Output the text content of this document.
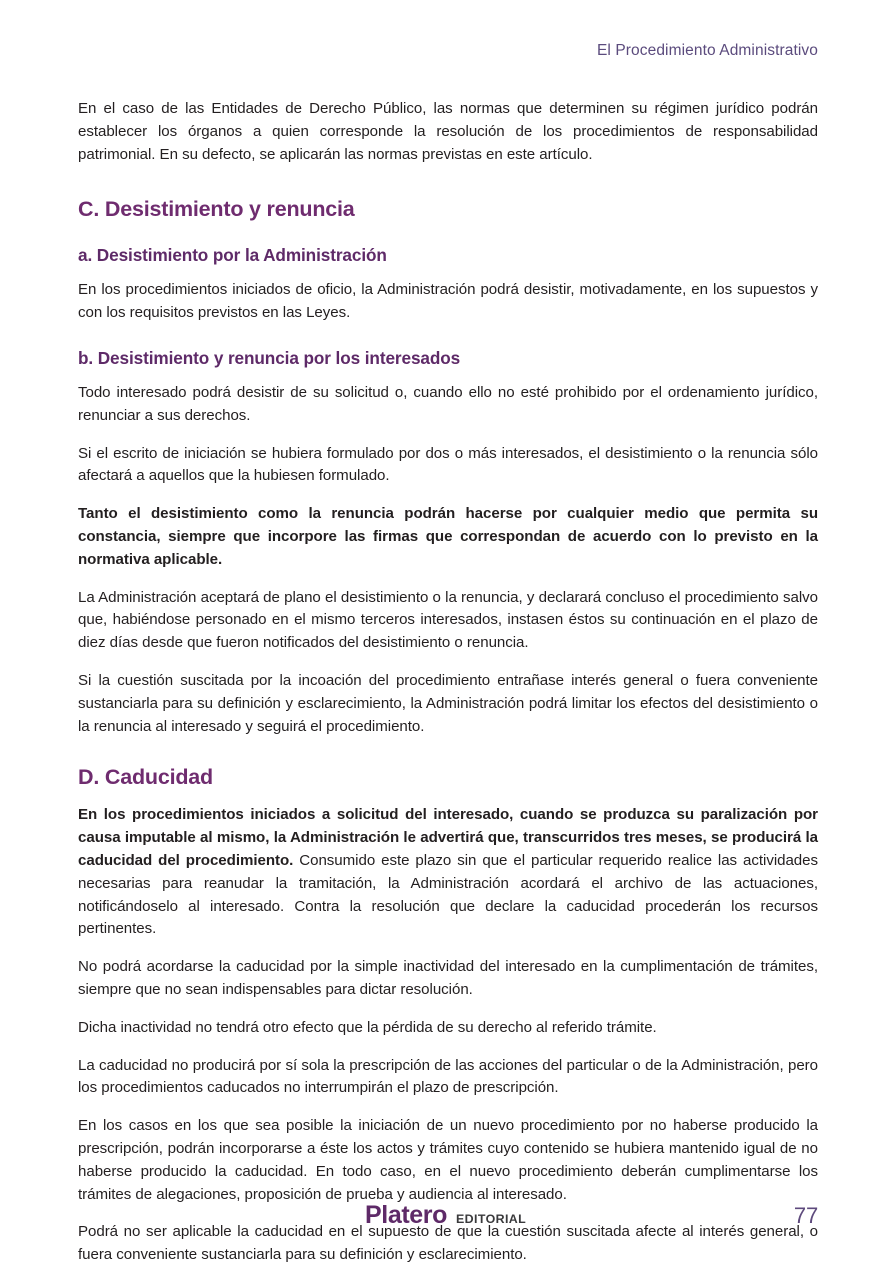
El Procedimiento Administrativo

En el caso de las Entidades de Derecho Público, las normas que determinen su régimen jurídico podrán establecer los órganos a quien corresponde la resolución de los procedimientos de responsabilidad patrimonial. En su defecto, se aplicarán las normas previstas en este artículo.

C. Desistimiento y renuncia
a. Desistimiento por la Administración

En los procedimientos iniciados de oficio, la Administración podrá desistir, motivadamente, en los supuestos y con los requisitos previstos en las Leyes.

b. Desistimiento y renuncia por los interesados

Todo interesado podrá desistir de su solicitud o, cuando ello no esté prohibido por el ordenamiento jurídico, renunciar a sus derechos.

Si el escrito de iniciación se hubiera formulado por dos o más interesados, el desistimiento o la renuncia sólo afectará a aquellos que la hubiesen formulado.

Tanto el desistimiento como la renuncia podrán hacerse por cualquier medio que permita su constancia, siempre que incorpore las firmas que correspondan de acuerdo con lo previsto en la normativa aplicable.

La Administración aceptará de plano el desistimiento o la renuncia, y declarará concluso el procedimiento salvo que, habiéndose personado en el mismo terceros interesados, instasen éstos su continuación en el plazo de diez días desde que fueron notificados del desistimiento o renuncia.

Si la cuestión suscitada por la incoación del procedimiento entrañase interés general o fuera conveniente sustanciarla para su definición y esclarecimiento, la Administración podrá limitar los efectos del desistimiento o la renuncia al interesado y seguirá el procedimiento.

D. Caducidad

En los procedimientos iniciados a solicitud del interesado, cuando se produzca su paralización por causa imputable al mismo, la Administración le advertirá que, transcurridos tres meses, se producirá la caducidad del procedimiento. Consumido este plazo sin que el particular requerido realice las actividades necesarias para reanudar la tramitación, la Administración acordará el archivo de las actuaciones, notificándoselo al interesado. Contra la resolución que declare la caducidad procederán los recursos pertinentes.

No podrá acordarse la caducidad por la simple inactividad del interesado en la cumplimentación de trámites, siempre que no sean indispensables para dictar resolución.

Dicha inactividad no tendrá otro efecto que la pérdida de su derecho al referido trámite.

La caducidad no producirá por sí sola la prescripción de las acciones del particular o de la Administración, pero los procedimientos caducados no interrumpirán el plazo de prescripción.

En los casos en los que sea posible la iniciación de un nuevo procedimiento por no haberse producido la prescripción, podrán incorporarse a éste los actos y trámites cuyo contenido se hubiera mantenido igual de no haberse producido la caducidad. En todo caso, en el nuevo procedimiento deberán cumplimentarse los trámites de alegaciones, proposición de prueba y audiencia al interesado.

Podrá no ser aplicable la caducidad en el supuesto de que la cuestión suscitada afecte al interés general, o fuera conveniente sustanciarla para su definición y esclarecimiento.

Platero EDITORIAL	77
